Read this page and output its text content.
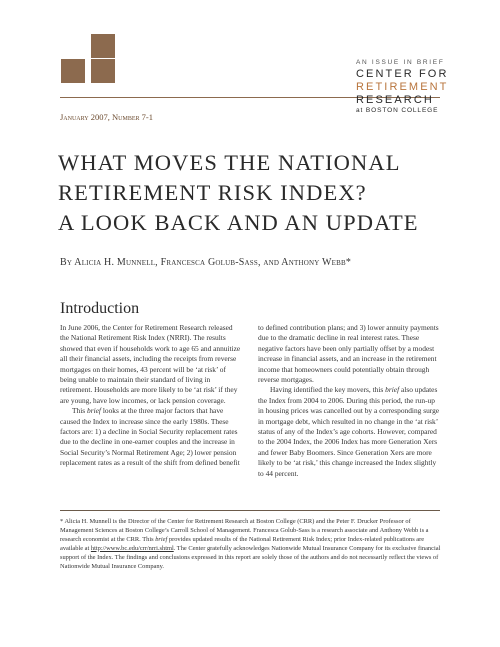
AN ISSUE IN BRIEF
CENTER FOR
RETIREMENT
RESEARCH
at BOSTON COLLEGE
January 2007, Number 7-1
WHAT MOVES THE NATIONAL
RETIREMENT RISK INDEX?
A LOOK BACK AND AN UPDATE
By Alicia H. Munnell, Francesca Golub-Sass, and Anthony Webb*
Introduction

In June 2006, the Center for Retirement Research released the National Retirement Risk Index (NRRI). The results showed that even if households work to age 65 and annuitize all their financial assets, including the receipts from reverse mortgages on their homes, 43 percent will be ‘at risk’ of being unable to maintain their standard of living in retirement. Households are more likely to be ‘at risk’ if they are young, have low incomes, or lack pension coverage.

This brief looks at the three major factors that have caused the Index to increase since the early 1980s. These factors are: 1) a decline in Social Security replacement rates due to the decline in one-earner couples and the increase in Social Security’s Normal Retirement Age; 2) lower pension replacement rates as a result of the shift from defined benefit

to defined contribution plans; and 3) lower annuity payments due to the dramatic decline in real interest rates. These negative factors have been only partially offset by a modest increase in financial assets, and an increase in the retirement income that homeowners could potentially obtain through reverse mortgages.

Having identified the key movers, this brief also updates the Index from 2004 to 2006. During this period, the run-up in housing prices was cancelled out by a corresponding surge in mortgage debt, which resulted in no change in the ‘at risk’ status of any of the Index’s age cohorts. However, compared to the 2004 Index, the 2006 Index has more Generation Xers and fewer Baby Boomers. Since Generation Xers are more likely to be ‘at risk,’ this change increased the Index slightly to 44 percent.

* Alicia H. Munnell is the Director of the Center for Retirement Research at Boston College (CRR) and the Peter F. Drucker Professor of Management Sciences at Boston College’s Carroll School of Management. Francesca Golub-Sass is a research associate and Anthony Webb is a research economist at the CRR. This brief provides updated results of the National Retirement Risk Index; prior Index-related publications are available at http://www.bc.edu/crr/nrri.shtml. The Center gratefully acknowledges Nationwide Mutual Insurance Company for its exclusive financial support of the Index. The findings and conclusions expressed in this report are solely those of the authors and do not necessarily reflect the views of Nationwide Mutual Insurance Company.
